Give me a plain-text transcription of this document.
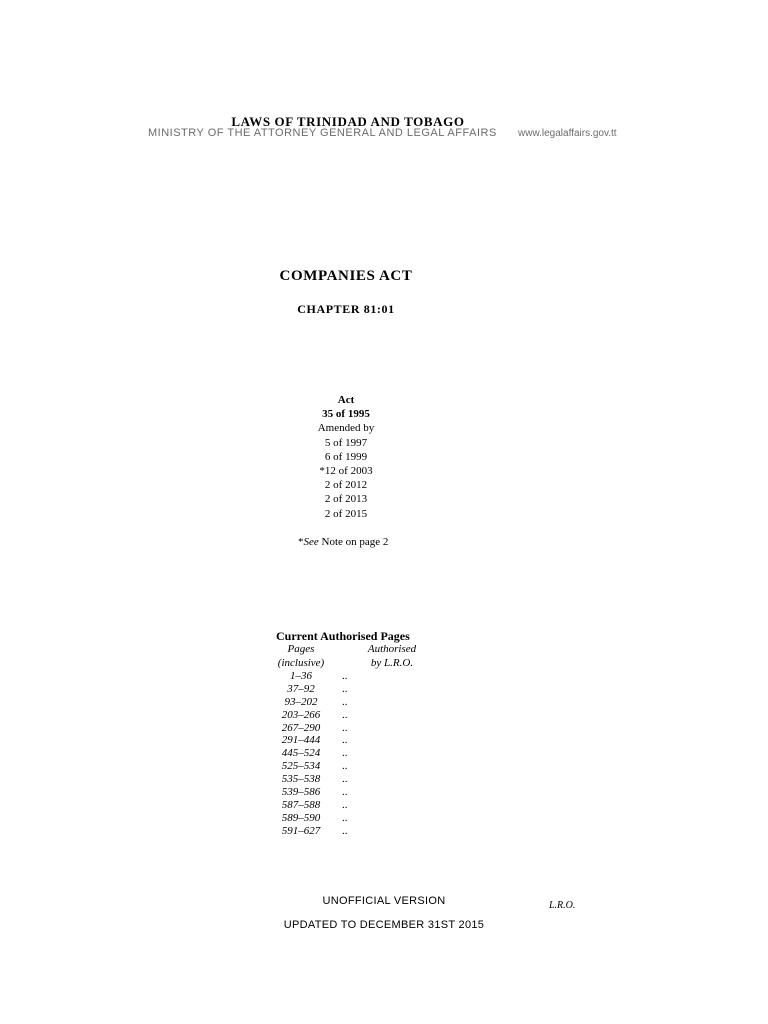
LAWS OF TRINIDAD AND TOBAGO
MINISTRY OF THE ATTORNEY GENERAL AND LEGAL AFFAIRS www.legalaffairs.gov.tt
COMPANIES ACT
CHAPTER 81:01
Act
35 of 1995
Amended by
5 of 1997
6 of 1999
*12 of 2003
2 of 2012
2 of 2013
2 of 2015
*See Note on page 2
Current Authorised Pages
Pages
(inclusive)
Authorised
by L.R.O.
1–36	..
37–92 ..
93–202 ..
203–266 ..
267–290 ..
291–444 ..
445–524 ..
525–534 ..
535–538 ..
539–586 ..
587–588 ..
589–590 ..
591–627 ..
UNOFFICIAL VERSION	L.R.O.
UPDATED TO DECEMBER 31ST 2015
